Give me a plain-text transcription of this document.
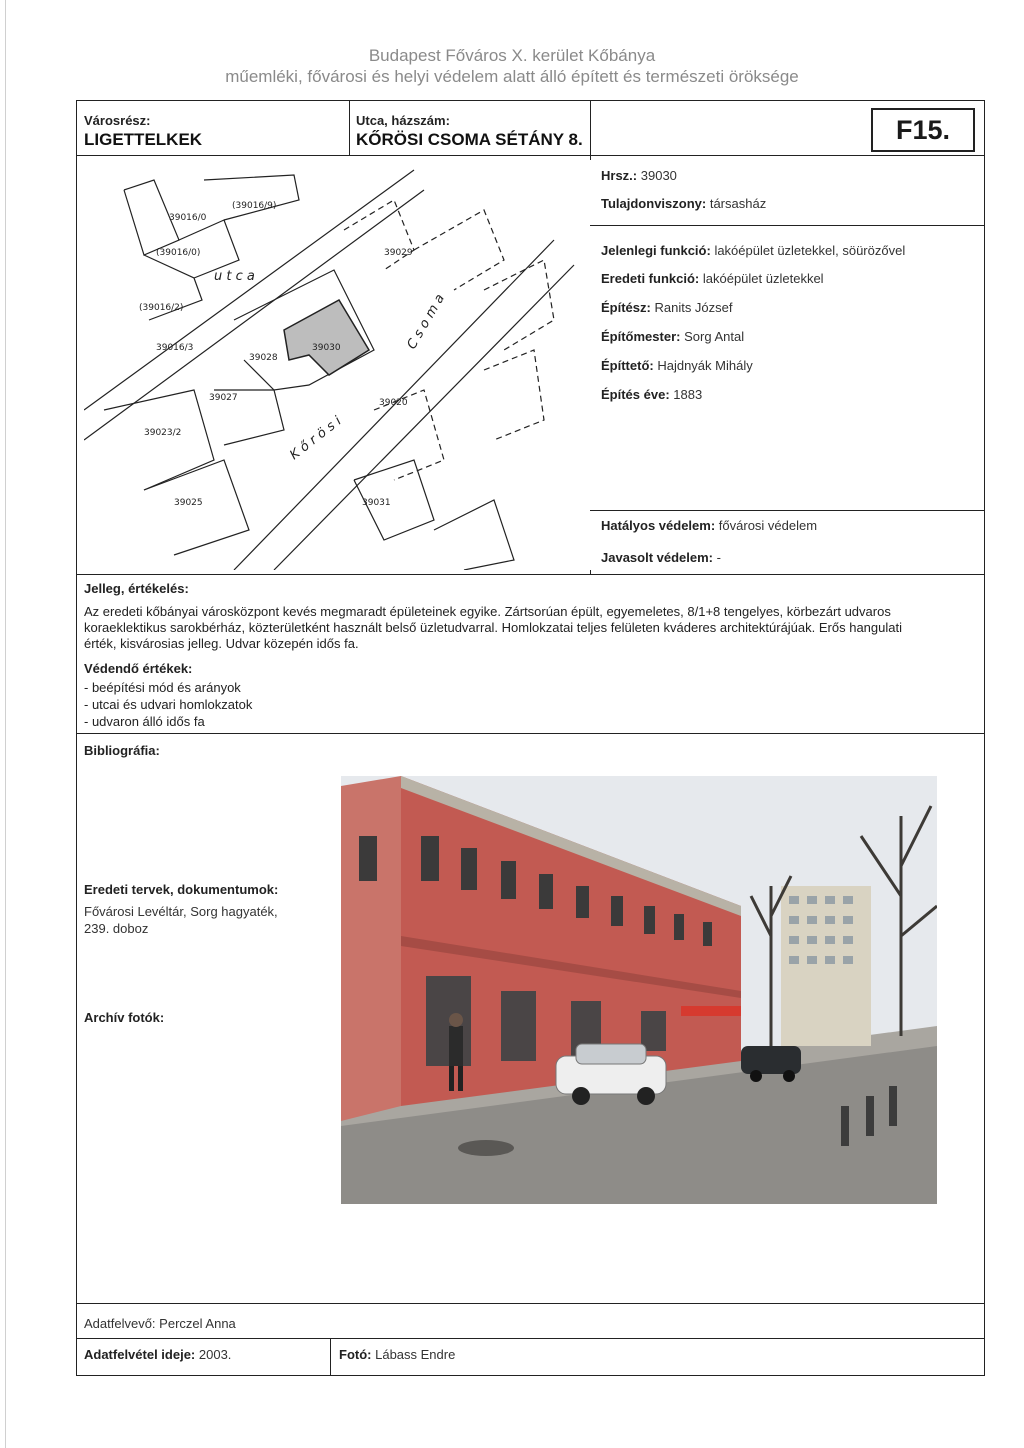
Budapest Főváros X. kerület Kőbánya
műemléki, fővárosi és helyi védelem alatt álló épített és természeti öröksége
Városrész:
LIGETTELKEK
Utca, házszám:
KŐRÖSI CSOMA SÉTÁNY 8.	F15.
39030
39016/0
(39016/9)
(39016/0)
(39016/2)
39016/3
39027
39028
39029
39023/2
39031
39025
39020
u t c a
K ő r ö s i
C s o m a
Hrsz.: 39030
Tulajdonviszony: társasház
Jelenlegi funkció: lakóépület üzletekkel, söürözővel
Eredeti funkció: lakóépület üzletekkel
Építész: Ranits József
Építőmester: Sorg Antal
Építtető: Hajdnyák Mihály
Építés éve: 1883
Hatályos védelem: fővárosi védelem
Javasolt védelem: -
Jelleg, értékelés:
Az eredeti kőbányai városközpont kevés megmaradt épületeinek egyike. Zártsorúan épült, egyemeletes, 8/1+8 tengelyes, körbezárt udvaros
koraeklektikus sarokbérház, közterületként használt belső üzletudvarral. Homlokzatai teljes felületen kváderes architektúrájúak. Erős hangulati
érték, kisvárosias jelleg. Udvar közepén idős fa.
Védendő értékek:
- beépítési mód és arányok
- utcai és udvari homlokzatok
- udvaron álló idős fa
Bibliográfia:
Eredeti tervek, dokumentumok:
Fővárosi Levéltár, Sorg hagyaték,
239. doboz
Archív fotók:
Adatfelvevő: Perczel Anna
Adatfelvétel ideje: 2003.	Fotó: Lábass Endre
